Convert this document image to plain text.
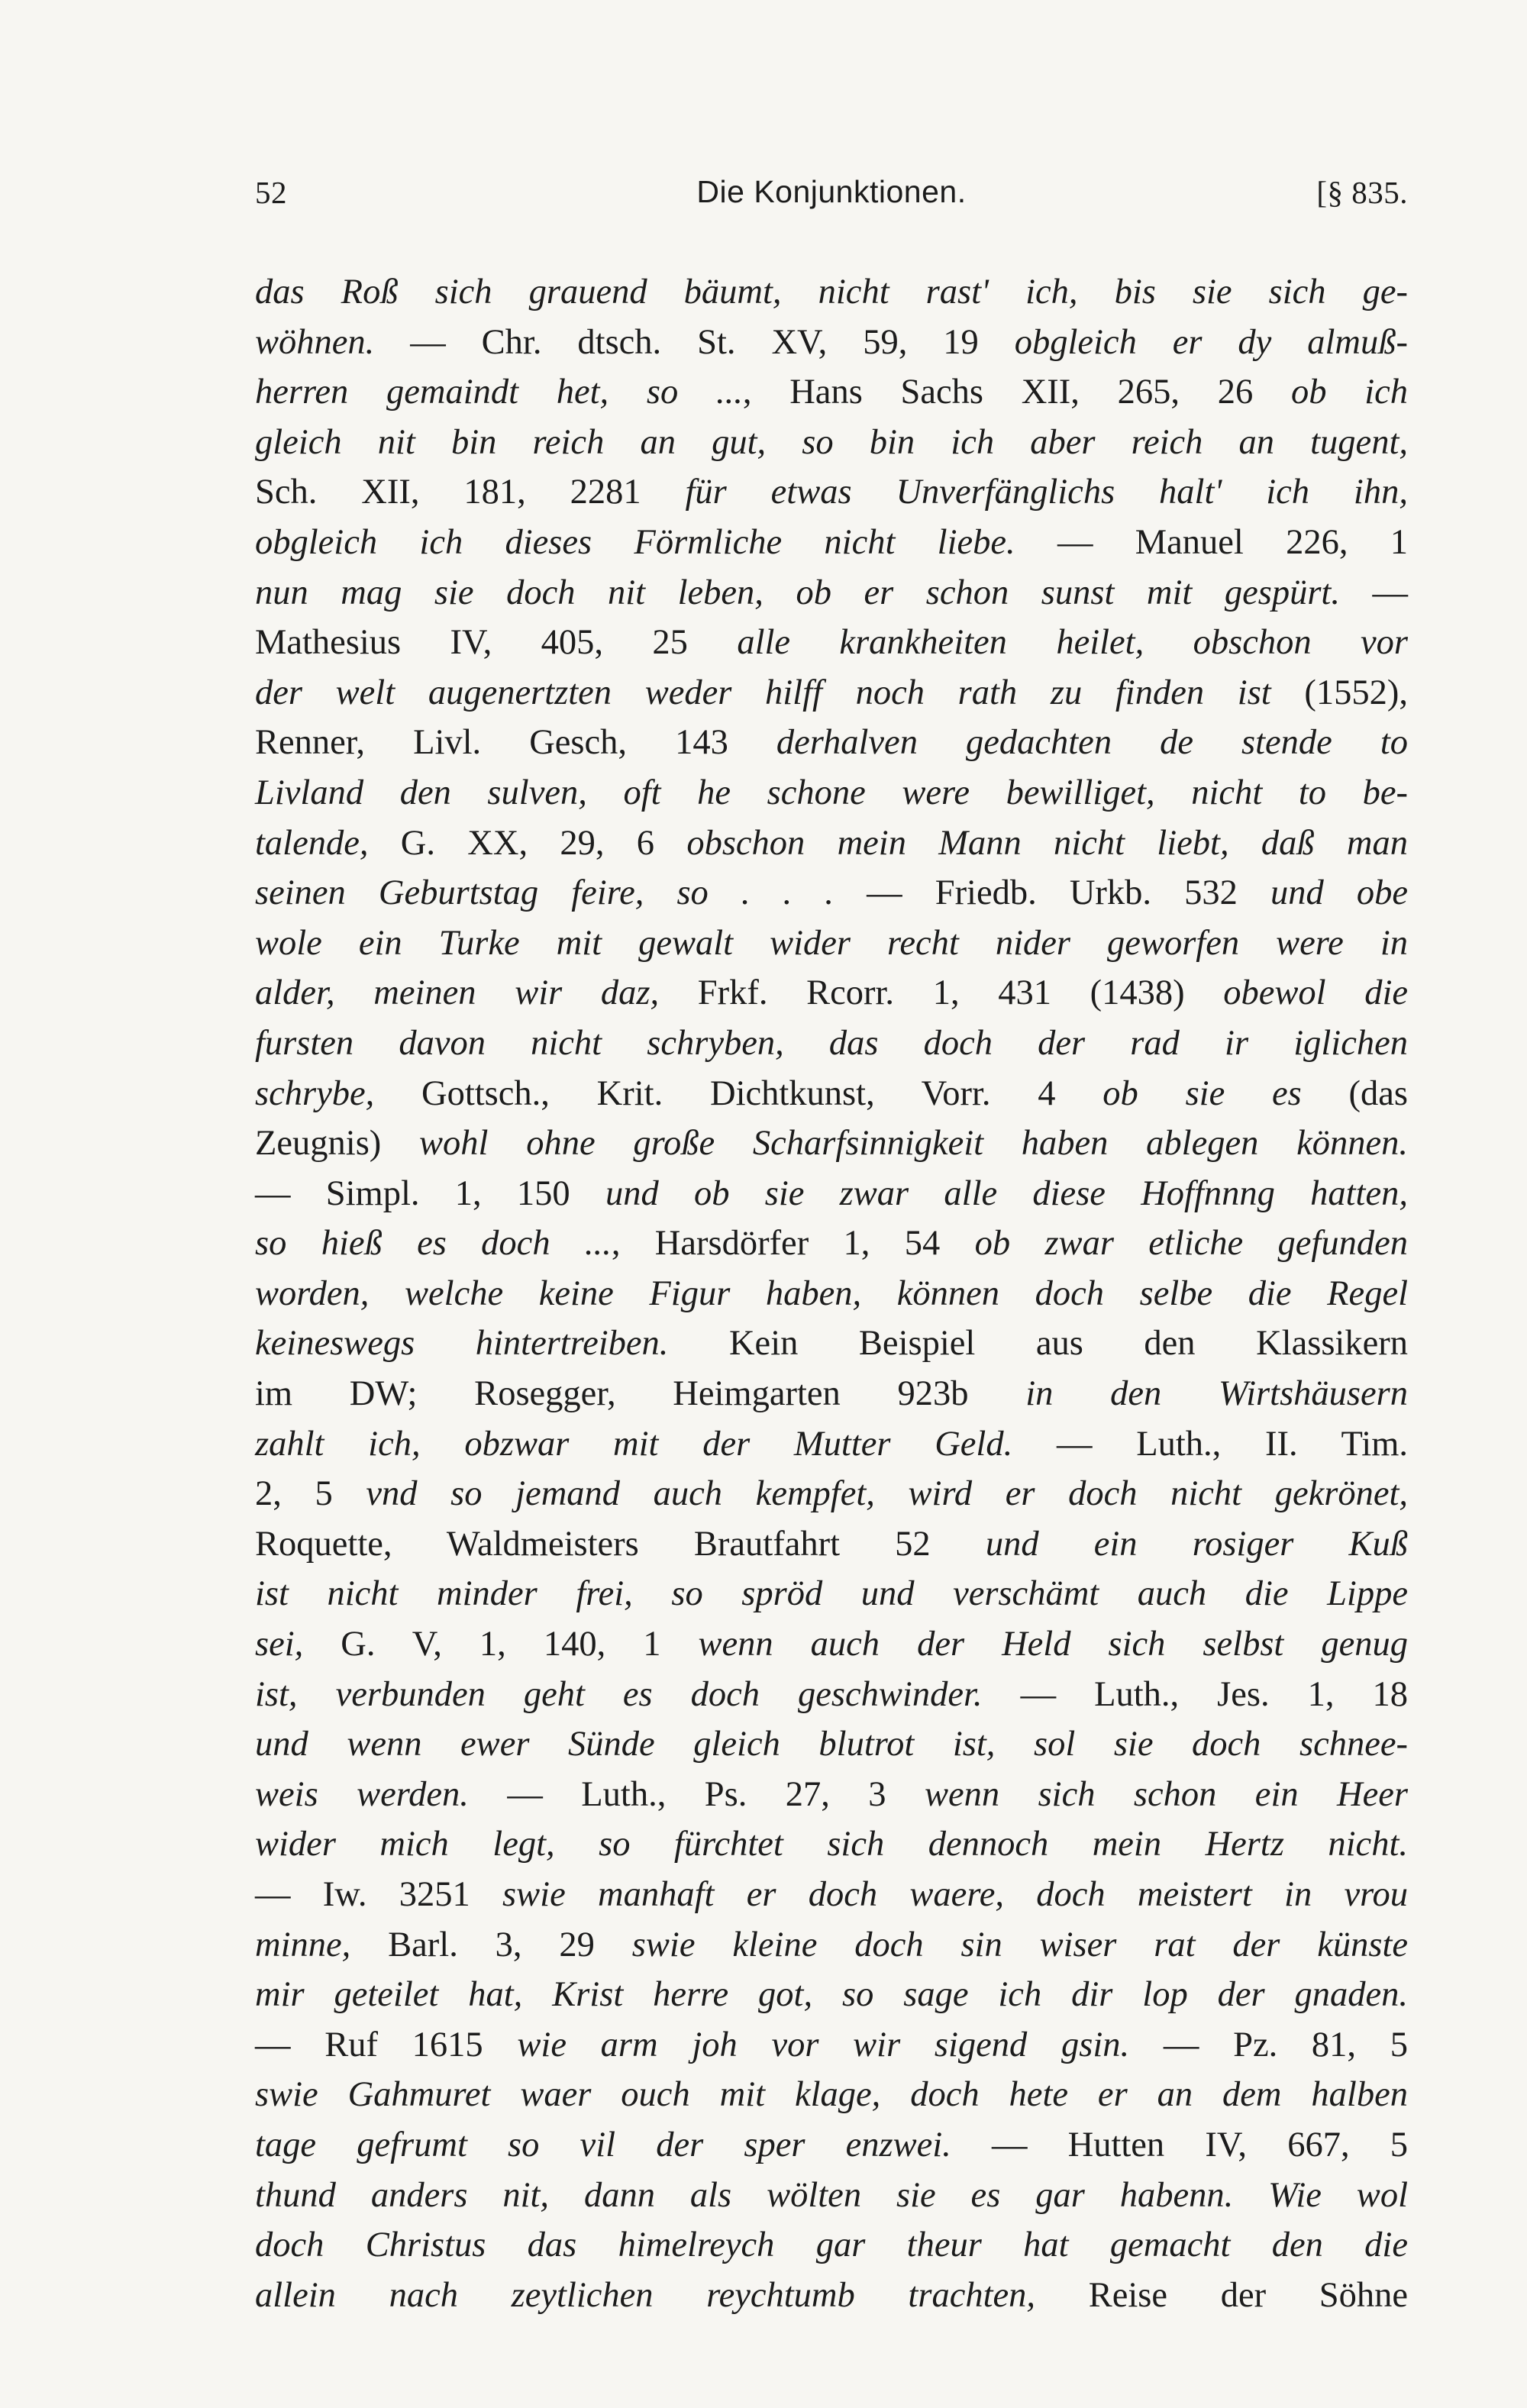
52	Die Konjunktionen.	[§ 835.
das Roß sich grauend bäumt, nicht rast' ich, bis sie sich ge-
wöhnen. — Chr. dtsch. St. XV, 59, 19 obgleich er dy almuß-
herren gemaindt het, so ..., Hans Sachs XII, 265, 26 ob ich
gleich nit bin reich an gut, so bin ich aber reich an tugent,
Sch. XII, 181, 2281 für etwas Unverfänglichs halt' ich ihn,
obgleich ich dieses Förmliche nicht liebe. — Manuel 226, 1
nun mag sie doch nit leben, ob er schon sunst mit gespürt. —
Mathesius IV, 405, 25 alle krankheiten heilet, obschon vor
der welt augenertzten weder hilff noch rath zu finden ist (1552),
Renner, Livl. Gesch, 143 derhalven gedachten de stende to
Livland den sulven, oft he schone were bewilliget, nicht to be-
talende, G. XX, 29, 6 obschon mein Mann nicht liebt, daß man
seinen Geburtstag feire, so . . . — Friedb. Urkb. 532 und obe
wole ein Turke mit gewalt wider recht nider geworfen were in
alder, meinen wir daz, Frkf. Rcorr. 1, 431 (1438) obewol die
fursten davon nicht schryben, das doch der rad ir iglichen
schrybe, Gottsch., Krit. Dichtkunst, Vorr. 4 ob sie es (das
Zeugnis) wohl ohne große Scharfsinnigkeit haben ablegen können.
— Simpl. 1, 150 und ob sie zwar alle diese Hoffnnng hatten,
so hieß es doch ..., Harsdörfer 1, 54 ob zwar etliche gefunden
worden, welche keine Figur haben, können doch selbe die Regel
keineswegs hintertreiben. Kein Beispiel aus den Klassikern
im DW; Rosegger, Heimgarten 923b in den Wirtshäusern
zahlt ich, obzwar mit der Mutter Geld. — Luth., II. Tim.
2, 5 vnd so jemand auch kempfet, wird er doch nicht gekrönet,
Roquette, Waldmeisters Brautfahrt 52 und ein rosiger Kuß
ist nicht minder frei, so spröd und verschämt auch die Lippe
sei, G. V, 1, 140, 1 wenn auch der Held sich selbst genug
ist, verbunden geht es doch geschwinder. — Luth., Jes. 1, 18
und wenn ewer Sünde gleich blutrot ist, sol sie doch schnee-
weis werden. — Luth., Ps. 27, 3 wenn sich schon ein Heer
wider mich legt, so fürchtet sich dennoch mein Hertz nicht.
— Iw. 3251 swie manhaft er doch waere, doch meistert in vrou
minne, Barl. 3, 29 swie kleine doch sin wiser rat der künste
mir geteilet hat, Krist herre got, so sage ich dir lop der gnaden.
— Ruf 1615 wie arm joh vor wir sigend gsin. — Pz. 81, 5
swie Gahmuret waer ouch mit klage, doch hete er an dem halben
tage gefrumt so vil der sper enzwei. — Hutten IV, 667, 5
thund anders nit, dann als wölten sie es gar habenn. Wie wol
doch Christus das himelreych gar theur hat gemacht den die
allein nach zeytlichen reychtumb trachten, Reise der Söhne
